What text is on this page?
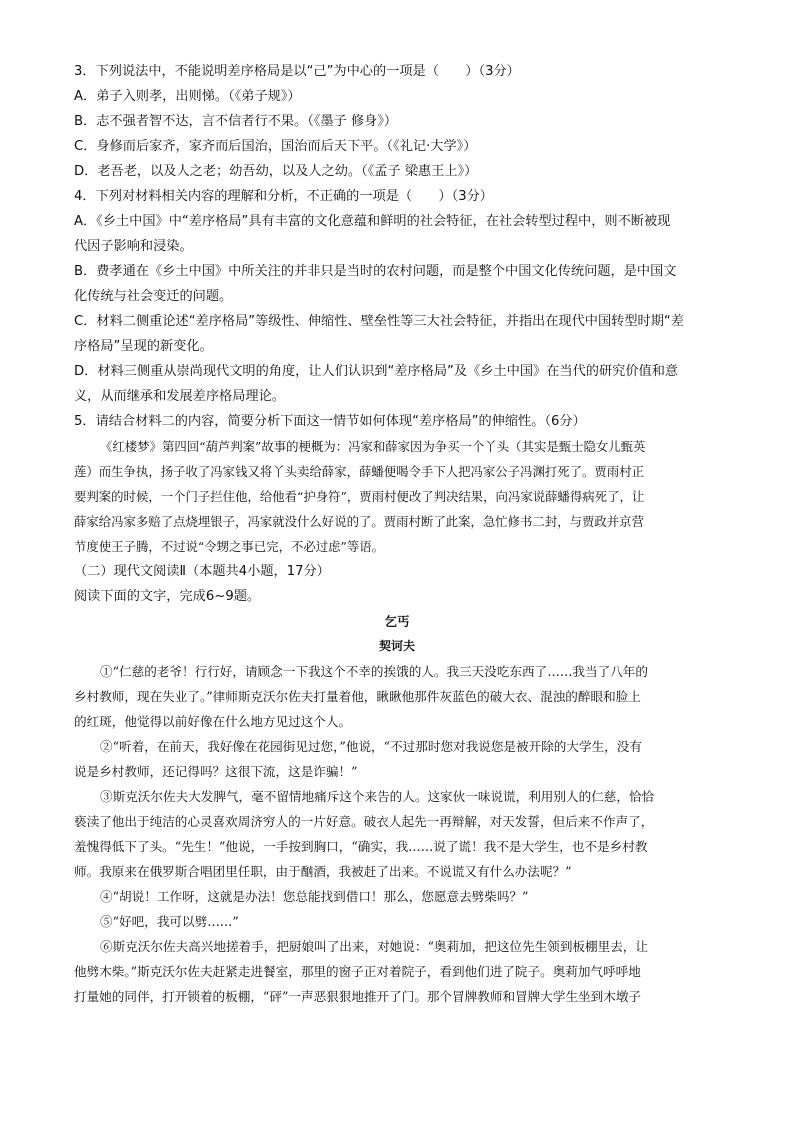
3．下列说法中，不能说明差序格局是以“己”为中心的一项是（　　）（3分）
A．弟子入则孝，出则悌。（《弟子规》）
B．志不强者智不达，言不信者行不果。（《墨子 修身》）
C．身修而后家齐，家齐而后国治，国治而后天下平。（《礼记·大学》）
D．老吾老，以及人之老；幼吾幼，以及人之幼。（《孟子 梁惠王上》）
4．下列对材料相关内容的理解和分析，不正确的一项是（　　）（3分）
A．《乡土中国》中“差序格局”具有丰富的文化意蕴和鲜明的社会特征，在社会转型过程中，则不断被现
代因子影响和浸染。
B．费孝通在《乡土中国》中所关注的并非只是当时的农村问题，而是整个中国文化传统问题，是中国文
化传统与社会变迁的问题。
C．材料二侧重论述“差序格局”等级性、伸缩性、壁垒性等三大社会特征，并指出在现代中国转型时期“差
序格局”呈现的新变化。
D．材料三侧重从崇尚现代文明的角度，让人们认识到“差序格局”及《乡土中国》在当代的研究价值和意
义，从而继承和发展差序格局理论。
5．请结合材料二的内容，简要分析下面这一情节如何体现“差序格局”的伸缩性。（6分）
《红楼梦》第四回“葫芦判案”故事的梗概为：冯家和薛家因为争买一个丫头（其实是甄士隐女儿甄英
莲）而生争执，扬子收了冯家钱又将丫头卖给薛家，薛蟠便喝令手下人把冯家公子冯渊打死了。贾雨村正
要判案的时候，一个门子拦住他，给他看“护身符”，贾雨村便改了判决结果，向冯家说薛蟠得病死了，让
薛家给冯家多赔了点烧埋银子，冯家就没什么好说的了。贾雨村断了此案，急忙修书二封，与贾政并京营
节度使王子腾，不过说“令甥之事已完，不必过虑”等语。
（二）现代文阅读Ⅱ（本题共4小题，17分）
阅读下面的文字，完成6~9题。
乞丐
契诃夫
①“仁慈的老爷！行行好，请顾念一下我这个不幸的挨饿的人。我三天没吃东西了……我当了八年的
乡村教师，现在失业了。”律师斯克沃尔佐夫打量着他，瞅瞅他那件灰蓝色的破大衣、混浊的醉眼和脸上
的红斑，他觉得以前好像在什么地方见过这个人。
②“听着，在前天，我好像在花园街见过您，”他说，“不过那时您对我说您是被开除的大学生，没有
说是乡村教师，还记得吗？这很下流，这是诈骗！”
③斯克沃尔佐夫大发脾气，毫不留情地痛斥这个来告的人。这家伙一味说谎，利用别人的仁慈，恰恰
亵渎了他出于纯洁的心灵喜欢周济穷人的一片好意。破衣人起先一再辩解，对天发誓，但后来不作声了，
羞愧得低下了头。“先生！”他说，一手按到胸口，“确实，我……说了谎！我不是大学生，也不是乡村教
师。我原来在俄罗斯合唱团里任职，由于酗酒，我被赶了出来。不说谎又有什么办法呢？”
④“胡说！工作呀，这就是办法！您总能找到借口！那么，您愿意去劈柴吗？”
⑤“好吧，我可以劈……”
⑥斯克沃尔佐夫高兴地搓着手，把厨娘叫了出来，对她说：“奥莉加，把这位先生领到板棚里去，让
他劈木柴。”斯克沃尔佐夫赶紧走进餐室，那里的窗子正对着院子，看到他们进了院子。奥莉加气呼呼地
打量她的同伴，打开锁着的板棚，“砰”一声恶狠狠地推开了门。那个冒牌教师和冒牌大学生坐到木墩子
